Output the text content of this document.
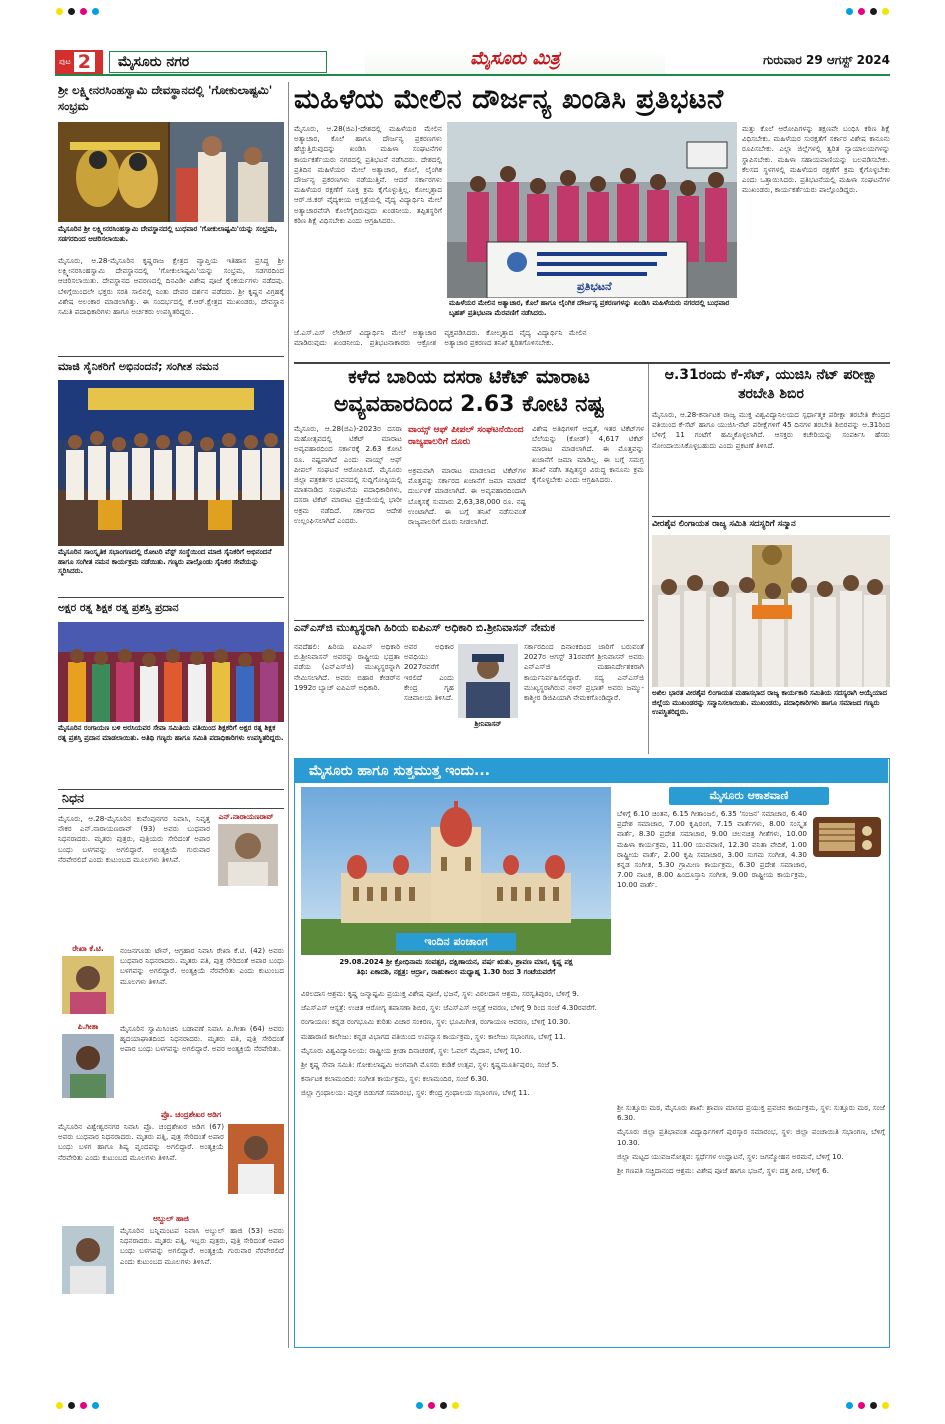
ಪುಟ 2	ಮೈಸೂರು ನಗರ	ಮೈಸೂರು ಮಿತ್ರ	ಗುರುವಾರ 29 ಆಗಸ್ಟ್ 2024
ಶ್ರೀ ಲಕ್ಷ್ಮೀನರಸಿಂಹಸ್ವಾಮಿ ದೇವಸ್ಥಾನದಲ್ಲಿ 'ಗೋಕುಲಾಷ್ಟಮಿ' ಸಂಭ್ರಮ
ಮೈಸೂರಿನ ಶ್ರೀ ಲಕ್ಷ್ಮೀನರಸಿಂಹಸ್ವಾಮಿ ದೇವಸ್ಥಾನದಲ್ಲಿ ಬುಧವಾರ 'ಗೋಕುಲಾಷ್ಟಮಿ'ಯನ್ನು ಸಂಭ್ರಮ, ಸಡಗರದಿಂದ ಆಚರಿಸಲಾಯಿತು.
ಮೈಸೂರು, ಆ.28-ಮೈಸೂರಿನ ಕೃಷ್ಣರಾಜ ಕ್ಷೇತ್ರದ ವ್ಯಾಪ್ತಿಯ ಇತಿಹಾಸ ಪ್ರಸಿದ್ಧ ಶ್ರೀ ಲಕ್ಷ್ಮೀನರಸಿಂಹಸ್ವಾಮಿ ದೇವಸ್ಥಾನದಲ್ಲಿ 'ಗೋಕುಲಾಷ್ಟಮಿ'ಯನ್ನು ಸಂಭ್ರಮ, ಸಡಗರದಿಂದ ಆಚರಿಸಲಾಯಿತು. ದೇವಸ್ಥಾನದ ಆವರಣದಲ್ಲಿ ದಿನವಿಡೀ ವಿಶೇಷ ಪೂಜೆ ಕೈಂಕರ್ಯಗಳು ನಡೆದವು. ಬೆಳಿಗ್ಗೆಯಿಂದಲೇ ಭಕ್ತರು ಸರತಿ ಸಾಲಿನಲ್ಲಿ ನಿಂತು ದೇವರ ದರ್ಶನ ಪಡೆದರು. ಶ್ರೀ ಕೃಷ್ಣನ ವಿಗ್ರಹಕ್ಕೆ ವಿಶೇಷ ಅಲಂಕಾರ ಮಾಡಲಾಗಿತ್ತು. ಈ ಸಂದರ್ಭದಲ್ಲಿ ಕೆ.ಆರ್.ಕ್ಷೇತ್ರದ ಮುಖಂಡರು, ದೇವಸ್ಥಾನ ಸಮಿತಿ ಪದಾಧಿಕಾರಿಗಳು ಹಾಗೂ ಅರ್ಚಕರು ಉಪಸ್ಥಿತರಿದ್ದರು.
ಮಾಜಿ ಸೈನಿಕರಿಗೆ ಅಭಿನಂದನೆ; ಸಂಗೀತ ನಮನ
ಮೈಸೂರಿನ ಸಾಂಸ್ಕೃತಿಕ ಸಭಾಂಗಣದಲ್ಲಿ ರೋಟರಿ ವೆಸ್ಟ್ ಸಂಸ್ಥೆಯಿಂದ ಮಾಜಿ ಸೈನಿಕರಿಗೆ ಅಭಿನಂದನೆ ಹಾಗೂ ಸಂಗೀತ ನಮನ ಕಾರ್ಯಕ್ರಮ ನಡೆಯಿತು. ಗಣ್ಯರು ಪಾಲ್ಗೊಂಡು ಸೈನಿಕರ ಸೇವೆಯನ್ನು ಸ್ಮರಿಸಿದರು.
ಅಕ್ಷರ ರತ್ನ ಶಿಕ್ಷಕ ರತ್ನ ಪ್ರಶಸ್ತಿ ಪ್ರದಾನ
ಮೈಸೂರಿನ ರಂಗಾಯಣ ಬಳಿ ಅರಸಿಯವರ ಸೇವಾ ಸಮಿತಿಯ ವತಿಯಿಂದ ಶಿಕ್ಷಕರಿಗೆ ಅಕ್ಷರ ರತ್ನ ಶಿಕ್ಷಕ ರತ್ನ ಪ್ರಶಸ್ತಿ ಪ್ರದಾನ ಮಾಡಲಾಯಿತು. ಅತಿಥಿ ಗಣ್ಯರು ಹಾಗೂ ಸಮಿತಿ ಪದಾಧಿಕಾರಿಗಳು ಉಪಸ್ಥಿತರಿದ್ದರು.
ನಿಧನ
ಎನ್.ನಾರಾಯಣರಾವ್
ಮೈಸೂರು, ಆ.28-ಮೈಸೂರಿನ ಕುವೆಂಪುನಗರ ನಿವಾಸಿ, ನಿವೃತ್ತ ನೌಕರ ಎನ್.ನಾರಾಯಣರಾವ್ (93) ಅವರು ಬುಧವಾರ ನಿಧನರಾದರು. ಮೃತರು ಪುತ್ರರು, ಪುತ್ರಿಯರು ಸೇರಿದಂತೆ ಅಪಾರ ಬಂಧು ಬಳಗವನ್ನು ಅಗಲಿದ್ದಾರೆ. ಅಂತ್ಯಕ್ರಿಯೆ ಗುರುವಾರ ನೆರವೇರಲಿದೆ ಎಂದು ಕುಟುಂಬದ ಮೂಲಗಳು ತಿಳಿಸಿವೆ.
ರೇಖಾ ಕೆ.ಟಿ.	ನಂಜನಗೂಡು ಟೌನ್, ಆಗ್ರಹಾರ ನಿವಾಸಿ ರೇಖಾ ಕೆ.ಟಿ. (42) ಅವರು ಬುಧವಾರ ನಿಧನರಾದರು. ಮೃತರು ಪತಿ, ಪುತ್ರ ಸೇರಿದಂತೆ ಅಪಾರ ಬಂಧು ಬಳಗವನ್ನು ಅಗಲಿದ್ದಾರೆ. ಅಂತ್ಯಕ್ರಿಯೆ ನೆರವೇರಿತು ಎಂದು ಕುಟುಂಬದ ಮೂಲಗಳು ತಿಳಿಸಿವೆ.
ಪಿ.ಗೀತಾ	ಮೈಸೂರಿನ ಸ್ವಾಮಿಸಿಂಚಿನಿ ಬಡಾವಣೆ ನಿವಾಸಿ ಪಿ.ಗೀತಾ (64) ಅವರು ಹೃದಯಾಘಾತದಿಂದ ನಿಧನರಾದರು. ಮೃತರು ಪತಿ, ಪುತ್ರಿ ಸೇರಿದಂತೆ ಅಪಾರ ಬಂಧು ಬಳಗವನ್ನು ಅಗಲಿದ್ದಾರೆ. ಅವರ ಅಂತ್ಯಕ್ರಿಯೆ ನೆರವೇರಿತು.
ಪ್ರೊ. ಚಂದ್ರಶೇಖರ ಅಡಿಗ
ಮೈಸೂರಿನ ವಿಶ್ವೇಶ್ವರನಗರ ನಿವಾಸಿ ಪ್ರೊ. ಚಂದ್ರಶೇಖರ ಅಡಿಗ (67) ಅವರು ಬುಧವಾರ ನಿಧನರಾದರು. ಮೃತರು ಪತ್ನಿ, ಪುತ್ರ ಸೇರಿದಂತೆ ಅಪಾರ ಬಂಧು ಬಳಗ ಹಾಗೂ ಶಿಷ್ಯ ವೃಂದವನ್ನು ಅಗಲಿದ್ದಾರೆ. ಅಂತ್ಯಕ್ರಿಯೆ ನೆರವೇರಿತು ಎಂದು ಕುಟುಂಬದ ಮೂಲಗಳು ತಿಳಿಸಿವೆ.
ಅಬ್ದುಲ್ ಹಾಜಿ
ಮೈಸೂರಿನ ಬನ್ನಿಮಂಟಪ ನಿವಾಸಿ ಅಬ್ದುಲ್ ಹಾಜಿ (53) ಅವರು ನಿಧನರಾದರು. ಮೃತರು ಪತ್ನಿ, ಇಬ್ಬರು ಪುತ್ರರು, ಪುತ್ರಿ ಸೇರಿದಂತೆ ಅಪಾರ ಬಂಧು ಬಳಗವನ್ನು ಅಗಲಿದ್ದಾರೆ. ಅಂತ್ಯಕ್ರಿಯೆ ಗುರುವಾರ ನೆರವೇರಲಿದೆ ಎಂದು ಕುಟುಂಬದ ಮೂಲಗಳು ತಿಳಿಸಿವೆ.
ಮಹಿಳೆಯ ಮೇಲಿನ ದೌರ್ಜನ್ಯ ಖಂಡಿಸಿ ಪ್ರತಿಭಟನೆ
ಮೈಸೂರು, ಆ.28(ಜಿಎ)-ದೇಶದಲ್ಲಿ ಮಹಿಳೆಯರ ಮೇಲಿನ ಅತ್ಯಾಚಾರ, ಕೊಲೆ ಹಾಗೂ ದೌರ್ಜನ್ಯ ಪ್ರಕರಣಗಳು ಹೆಚ್ಚುತ್ತಿರುವುದನ್ನು ಖಂಡಿಸಿ ಮಹಿಳಾ ಸಂಘಟನೆಗಳ ಕಾರ್ಯಕರ್ತೆಯರು ನಗರದಲ್ಲಿ ಪ್ರತಿಭಟನೆ ನಡೆಸಿದರು. ದೇಶದಲ್ಲಿ ಪ್ರತಿದಿನ ಮಹಿಳೆಯರ ಮೇಲೆ ಅತ್ಯಾಚಾರ, ಕೊಲೆ, ಲೈಂಗಿಕ ದೌರ್ಜನ್ಯ ಪ್ರಕರಣಗಳು ನಡೆಯುತ್ತಿವೆ. ಆದರೆ ಸರ್ಕಾರಗಳು ಮಹಿಳೆಯರ ರಕ್ಷಣೆಗೆ ಸೂಕ್ತ ಕ್ರಮ ಕೈಗೊಳ್ಳುತ್ತಿಲ್ಲ. ಕೋಲ್ಕತ್ತಾದ ಆರ್.ಜಿ.ಕರ್ ವೈದ್ಯಕೀಯ ಆಸ್ಪತ್ರೆಯಲ್ಲಿ ವೈದ್ಯ ವಿದ್ಯಾರ್ಥಿನಿ ಮೇಲೆ ಅತ್ಯಾಚಾರವೆಸಗಿ ಕೊಲೆಗೈದಿರುವುದು ಖಂಡನೀಯ. ತಪ್ಪಿತಸ್ಥರಿಗೆ ಕಠಿಣ ಶಿಕ್ಷೆ ವಿಧಿಸಬೇಕು ಎಂದು ಆಗ್ರಹಿಸಿದರು.
ಪ್ರತಿಭಟನೆ
ಮಹಿಳೆಯರ ಮೇಲಿನ ಅತ್ಯಾಚಾರ, ಕೊಲೆ ಹಾಗೂ ಲೈಂಗಿಕ ದೌರ್ಜನ್ಯ ಪ್ರಕರಣಗಳನ್ನು ಖಂಡಿಸಿ ಮಹಿಳೆಯರು ನಗರದಲ್ಲಿ ಬುಧವಾರ ಬೃಹತ್ ಪ್ರತಿಭಟನಾ ಮೆರವಣಿಗೆ ನಡೆಸಿದರು.
ಜೆ.ಎಸ್.ಎಸ್ ಲೇಡೀಸ್ ವಿದ್ಯಾರ್ಥಿನಿ ಮೇಲೆ ಅತ್ಯಾಚಾರ ಮಾಡಿರುವುದು ಖಂಡನೀಯ. ಪ್ರತಿಭಟನಾಕಾರರು ಆಕ್ರೋಶ ವ್ಯಕ್ತಪಡಿಸಿದರು. ಕೋಲ್ಕತ್ತಾದ ವೈದ್ಯ ವಿದ್ಯಾರ್ಥಿನಿ ಮೇಲಿನ ಅತ್ಯಾಚಾರ ಪ್ರಕರಣದ ತನಿಖೆ ತ್ವರಿತಗೊಳಿಸಬೇಕು.
ಮತ್ತು ಕೊಲೆ ಆರೋಪಿಗಳನ್ನು ತಕ್ಷಣವೇ ಬಂಧಿಸಿ ಕಠಿಣ ಶಿಕ್ಷೆ ವಿಧಿಸಬೇಕು. ಮಹಿಳೆಯರ ಸುರಕ್ಷತೆಗೆ ಸರ್ಕಾರ ವಿಶೇಷ ಕಾನೂನು ರೂಪಿಸಬೇಕು. ಎಲ್ಲಾ ಜಿಲ್ಲೆಗಳಲ್ಲಿ ತ್ವರಿತ ನ್ಯಾಯಾಲಯಗಳನ್ನು ಸ್ಥಾಪಿಸಬೇಕು. ಮಹಿಳಾ ಸಹಾಯವಾಣಿಯನ್ನು ಬಲಪಡಿಸಬೇಕು. ಕೆಲಸದ ಸ್ಥಳಗಳಲ್ಲಿ ಮಹಿಳೆಯರ ರಕ್ಷಣೆಗೆ ಕ್ರಮ ಕೈಗೊಳ್ಳಬೇಕು ಎಂದು ಒತ್ತಾಯಿಸಿದರು. ಪ್ರತಿಭಟನೆಯಲ್ಲಿ ಮಹಿಳಾ ಸಂಘಟನೆಗಳ ಮುಖಂಡರು, ಕಾರ್ಯಕರ್ತೆಯರು ಪಾಲ್ಗೊಂಡಿದ್ದರು.
ಕಳೆದ ಬಾರಿಯ ದಸರಾ ಟಿಕೆಟ್ ಮಾರಾಟ
ಅವ್ಯವಹಾರದಿಂದ 2.63 ಕೋಟಿ ನಷ್ಟ
ಮೈಸೂರು, ಆ.28(ಜಿಎ)-2023ರ ದಸರಾ ಮಹೋತ್ಸವದಲ್ಲಿ ಟಿಕೆಟ್ ಮಾರಾಟ ಅವ್ಯವಹಾರದಿಂದ ಸರ್ಕಾರಕ್ಕೆ 2.63 ಕೋಟಿ ರೂ. ನಷ್ಟವಾಗಿದೆ ಎಂದು ವಾಯ್ಸ್ ಆಫ್ ಪೀಪಲ್ ಸಂಘಟನೆ ಆರೋಪಿಸಿದೆ. ಮೈಸೂರು ಜಿಲ್ಲಾ ಪತ್ರಕರ್ತರ ಭವನದಲ್ಲಿ ಸುದ್ದಿಗೋಷ್ಠಿಯಲ್ಲಿ ಮಾತನಾಡಿದ ಸಂಘಟನೆಯ ಪದಾಧಿಕಾರಿಗಳು, ದಸರಾ ಟಿಕೆಟ್ ಮಾರಾಟ ಪ್ರಕ್ರಿಯೆಯಲ್ಲಿ ಭಾರೀ ಅಕ್ರಮ ನಡೆದಿದೆ. ಸರ್ಕಾರದ ಆದೇಶ ಉಲ್ಲಂಘಿಸಲಾಗಿದೆ ಎಂದರು.
ವಾಯ್ಸ್ ಆಫ್ ಪೀಪಲ್ ಸಂಘಟನೆಯಿಂದ ರಾಜ್ಯಪಾಲರಿಗೆ ದೂರು
ಅಕ್ರಮವಾಗಿ ಮಾರಾಟ ಮಾಡಲಾದ ಟಿಕೆಟ್‌ಗಳ ಮೊತ್ತವನ್ನು ಸರ್ಕಾರದ ಖಜಾನೆಗೆ ಜಮಾ ಮಾಡದೆ ದುರ್ಬಳಕೆ ಮಾಡಲಾಗಿದೆ. ಈ ಅವ್ಯವಹಾರದಿಂದಾಗಿ ಬೊಕ್ಕಸಕ್ಕೆ ಸುಮಾರು 2,63,38,000 ರೂ. ನಷ್ಟ ಉಂಟಾಗಿದೆ. ಈ ಬಗ್ಗೆ ತನಿಖೆ ನಡೆಸುವಂತೆ ರಾಜ್ಯಪಾಲರಿಗೆ ದೂರು ನೀಡಲಾಗಿದೆ.
ವಿಶೇಷ ಅತಿಥಿಗಳಿಗೆ ಆದ್ಯತೆ, ಇತರ ಟಿಕೆಟ್‌ಗಳ ಬೆಲೆಯನ್ನು (ಕೋಡ್) 4,617 ಟಿಕೆಟ್ ಮಾರಾಟ ಮಾಡಲಾಗಿದೆ. ಈ ಮೊತ್ತವನ್ನು ಖಜಾನೆಗೆ ಜಮಾ ಮಾಡಿಲ್ಲ. ಈ ಬಗ್ಗೆ ಸಮಗ್ರ ತನಿಖೆ ನಡೆಸಿ ತಪ್ಪಿತಸ್ಥರ ವಿರುದ್ಧ ಕಾನೂನು ಕ್ರಮ ಕೈಗೊಳ್ಳಬೇಕು ಎಂದು ಆಗ್ರಹಿಸಿದರು.
ಎನ್‌ಎಸ್‌ಜಿ ಮುಖ್ಯಸ್ಥರಾಗಿ ಹಿರಿಯ ಐಪಿಎಸ್ ಅಧಿಕಾರಿ ಬಿ.ಶ್ರೀನಿವಾಸನ್ ನೇಮಕ
ನವದೆಹಲಿ: ಹಿರಿಯ ಐಪಿಎಸ್ ಅಧಿಕಾರಿ ಬಿ.ಶ್ರೀನಿವಾಸನ್ ಅವರನ್ನು ರಾಷ್ಟ್ರೀಯ ಭದ್ರತಾ ಪಡೆಯ (ಎನ್‌ಎಸ್‌ಜಿ) ಮುಖ್ಯಸ್ಥರನ್ನಾಗಿ ನೇಮಿಸಲಾಗಿದೆ. ಅವರು ಬಿಹಾರ ಕೇಡರ್‌ನ 1992ರ ಬ್ಯಾಚ್ ಐಪಿಎಸ್ ಅಧಿಕಾರಿ.
ಅವರ ಅಧಿಕಾರ ಅವಧಿಯು 2027ರವರೆಗೆ ಇರಲಿದೆ ಎಂದು ಕೇಂದ್ರ ಗೃಹ ಸಚಿವಾಲಯ ತಿಳಿಸಿದೆ.
ಶ್ರೀನಿವಾಸನ್
ಸರ್ಕಾರದಿಂದ ದಿನಾಂಕದಿಂದ ಜಾರಿಗೆ ಬರುವಂತೆ 2027ರ ಆಗಸ್ಟ್ 31ರವರೆಗೆ ಶ್ರೀನಿವಾಸನ್ ಅವರು ಎನ್‌ಎಸ್‌ಜಿ ಮಹಾನಿರ್ದೇಶಕರಾಗಿ ಕಾರ್ಯನಿರ್ವಹಿಸಲಿದ್ದಾರೆ. ಸದ್ಯ ಎನ್‌ಎಸ್‌ಜಿ ಮುಖ್ಯಸ್ಥರಾಗಿರುವ ನಳಿನ್ ಪ್ರಭಾತ್ ಅವರು ಜಮ್ಮು-ಕಾಶ್ಮೀರ ಡಿಜಿಪಿಯಾಗಿ ನೇಮಕಗೊಂಡಿದ್ದಾರೆ.
ಆ.31ರಂದು ಕೆ-ಸೆಟ್, ಯುಜಿಸಿ ನೆಟ್ ಪರೀಕ್ಷಾ ತರಬೇತಿ ಶಿಬಿರ
ಮೈಸೂರು, ಆ.28-ಕರ್ನಾಟಕ ರಾಜ್ಯ ಮುಕ್ತ ವಿಶ್ವವಿದ್ಯಾನಿಲಯದ ಸ್ಪರ್ಧಾತ್ಮಕ ಪರೀಕ್ಷಾ ತರಬೇತಿ ಕೇಂದ್ರದ ವತಿಯಿಂದ ಕೆ-ಸೆಟ್ ಹಾಗೂ ಯುಜಿಸಿ-ನೆಟ್ ಪರೀಕ್ಷೆಗಳಿಗೆ 45 ದಿನಗಳ ತರಬೇತಿ ಶಿಬಿರವನ್ನು ಆ.31ರಿಂದ ಬೆಳಿಗ್ಗೆ 11 ಗಂಟೆಗೆ ಹಮ್ಮಿಕೊಳ್ಳಲಾಗಿದೆ. ಆಸಕ್ತರು ಕಚೇರಿಯನ್ನು ಸಂಪರ್ಕಿಸಿ ಹೆಸರು ನೋಂದಾಯಿಸಿಕೊಳ್ಳಬಹುದು ಎಂದು ಪ್ರಕಟಣೆ ತಿಳಿಸಿದೆ.
ವೀರಶೈವ ಲಿಂಗಾಯತ ರಾಜ್ಯ ಸಮಿತಿ ಸದಸ್ಯರಿಗೆ ಸನ್ಮಾನ
ಅಖಿಲ ಭಾರತ ವೀರಶೈವ ಲಿಂಗಾಯತ ಮಹಾಸಭಾದ ರಾಜ್ಯ ಕಾರ್ಯಕಾರಿ ಸಮಿತಿಯ ಸದಸ್ಯರಾಗಿ ಆಯ್ಕೆಯಾದ ಜಿಲ್ಲೆಯ ಮುಖಂಡರನ್ನು ಸನ್ಮಾನಿಸಲಾಯಿತು. ಮುಖಂಡರು, ಪದಾಧಿಕಾರಿಗಳು ಹಾಗೂ ಸಮಾಜದ ಗಣ್ಯರು ಉಪಸ್ಥಿತರಿದ್ದರು.
ಮೈಸೂರು ಹಾಗೂ ಸುತ್ತಮುತ್ತ ಇಂದು...
ಇಂದಿನ ಪಂಚಾಂಗ
29.08.2024 ಶ್ರೀ ಕ್ರೋಧಿನಾಮ ಸಂವತ್ಸರ, ದಕ್ಷಿಣಾಯನ, ವರ್ಷ ಋತು, ಶ್ರಾವಣ ಮಾಸ, ಕೃಷ್ಣ ಪಕ್ಷ
ತಿಥಿ: ಏಕಾದಶಿ, ನಕ್ಷತ್ರ: ಆರ್ದ್ರಾ, ರಾಹುಕಾಲ: ಮಧ್ಯಾಹ್ನ 1.30 ರಿಂದ 3 ಗಂಟೆಯವರೆಗೆ
ಮೈಸೂರು ಆಕಾಶವಾಣಿ
ಬೆಳಿಗ್ಗೆ 6.10 ಚಿಂತನ, 6.15 ಗೀತಾಂಜಲಿ, 6.35 'ಸಂಜನ' ಸಮಾಚಾರ, 6.40 ಪ್ರದೇಶ ಸಮಾಚಾರ, 7.00 ಕೃಷಿರಂಗ, 7.15 ವಾರ್ತೆಗಳು, 8.00 ಸಂಸ್ಕೃತ ವಾರ್ತೆ, 8.30 ಪ್ರದೇಶ ಸಮಾಚಾರ, 9.00 ಚಲನಚಿತ್ರ ಗೀತೆಗಳು, 10.00 ಮಹಿಳಾ ಕಾರ್ಯಕ್ರಮ, 11.00 ಯುವವಾಣಿ, 12.30 ವನಿತಾ ವೇದಿಕೆ, 1.00 ರಾಷ್ಟ್ರೀಯ ವಾರ್ತೆ, 2.00 ಕೃಷಿ ಸಮಾಚಾರ, 3.00 ಸುಗಮ ಸಂಗೀತ, 4.30 ಕನ್ನಡ ಸಂಗೀತ, 5.30 ಗ್ರಾಮೀಣ ಕಾರ್ಯಕ್ರಮ, 6.30 ಪ್ರದೇಶ ಸಮಾಚಾರ, 7.00 ನಾಟಕ, 8.00 ಹಿಂದೂಸ್ತಾನಿ ಸಂಗೀತ, 9.00 ರಾಷ್ಟ್ರೀಯ ಕಾರ್ಯಕ್ರಮ, 10.00 ವಾರ್ತೆ.
ವಿಠಲದಾಸ ಆಶ್ರಮ: ಕೃಷ್ಣ ಜನ್ಮಾಷ್ಟಮಿ ಪ್ರಯುಕ್ತ ವಿಶೇಷ ಪೂಜೆ, ಭಜನೆ, ಸ್ಥಳ: ವಿಠಲದಾಸ ಆಶ್ರಮ, ಸರಸ್ವತಿಪುರಂ, ಬೆಳಿಗ್ಗೆ 9.
ಜೆಎಸ್‌ಎಸ್ ಆಸ್ಪತ್ರೆ: ಉಚಿತ ಆರೋಗ್ಯ ತಪಾಸಣಾ ಶಿಬಿರ, ಸ್ಥಳ: ಜೆಎಸ್‌ಎಸ್ ಆಸ್ಪತ್ರೆ ಆವರಣ, ಬೆಳಿಗ್ಗೆ 9 ರಿಂದ ಸಂಜೆ 4.30ರವರೆಗೆ.
ರಂಗಾಯಣ: ಕನ್ನಡ ರಂಗಭೂಮಿ ಕುರಿತು ವಿಚಾರ ಸಂಕಿರಣ, ಸ್ಥಳ: ಭೂಮಿಗೀತ, ರಂಗಾಯಣ ಆವರಣ, ಬೆಳಿಗ್ಗೆ 10.30.
ಮಹಾರಾಣಿ ಕಾಲೇಜು: ಕನ್ನಡ ವಿಭಾಗದ ವತಿಯಿಂದ ಉಪನ್ಯಾಸ ಕಾರ್ಯಕ್ರಮ, ಸ್ಥಳ: ಕಾಲೇಜು ಸಭಾಂಗಣ, ಬೆಳಿಗ್ಗೆ 11.
ಮೈಸೂರು ವಿಶ್ವವಿದ್ಯಾನಿಲಯ: ರಾಷ್ಟ್ರೀಯ ಕ್ರೀಡಾ ದಿನಾಚರಣೆ, ಸ್ಥಳ: ಓವಲ್ ಮೈದಾನ, ಬೆಳಿಗ್ಗೆ 10.
ಶ್ರೀ ಕೃಷ್ಣ ಸೇವಾ ಸಮಿತಿ: ಗೋಕುಲಾಷ್ಟಮಿ ಅಂಗವಾಗಿ ಮೊಸರು ಕುಡಿಕೆ ಉತ್ಸವ, ಸ್ಥಳ: ಕೃಷ್ಣಮೂರ್ತಿಪುರಂ, ಸಂಜೆ 5.
ಕರ್ನಾಟಕ ಕಲಾಮಂದಿರ: ಸಂಗೀತ ಕಾರ್ಯಕ್ರಮ, ಸ್ಥಳ: ಕಲಾಮಂದಿರ, ಸಂಜೆ 6.30.
ಜಿಲ್ಲಾ ಗ್ರಂಥಾಲಯ: ಪುಸ್ತಕ ಬಿಡುಗಡೆ ಸಮಾರಂಭ, ಸ್ಥಳ: ಕೇಂದ್ರ ಗ್ರಂಥಾಲಯ ಸಭಾಂಗಣ, ಬೆಳಿಗ್ಗೆ 11.
ಶ್ರೀ ಸುತ್ತೂರು ಮಠ, ಮೈಸೂರು ಶಾಖೆ: ಶ್ರಾವಣ ಮಾಸದ ಪ್ರಯುಕ್ತ ಪ್ರವಚನ ಕಾರ್ಯಕ್ರಮ, ಸ್ಥಳ: ಸುತ್ತೂರು ಮಠ, ಸಂಜೆ 6.30.
ಮೈಸೂರು ಜಿಲ್ಲಾ ಪ್ರತಿಭಾವಂತ ವಿದ್ಯಾರ್ಥಿಗಳಿಗೆ ಪುರಸ್ಕಾರ ಸಮಾರಂಭ, ಸ್ಥಳ: ಜಿಲ್ಲಾ ಪಂಚಾಯಿತಿ ಸಭಾಂಗಣ, ಬೆಳಿಗ್ಗೆ 10.30.
ಜಿಲ್ಲಾ ಮಟ್ಟದ ಯುವಜನೋತ್ಸವ: ಸ್ಪರ್ಧೆಗಳ ಉದ್ಘಾಟನೆ, ಸ್ಥಳ: ಜಗನ್ಮೋಹನ ಅರಮನೆ, ಬೆಳಿಗ್ಗೆ 10.
ಶ್ರೀ ಗಣಪತಿ ಸಚ್ಚಿದಾನಂದ ಆಶ್ರಮ: ವಿಶೇಷ ಪೂಜೆ ಹಾಗೂ ಭಜನೆ, ಸ್ಥಳ: ದತ್ತ ಪೀಠ, ಬೆಳಿಗ್ಗೆ 6.
